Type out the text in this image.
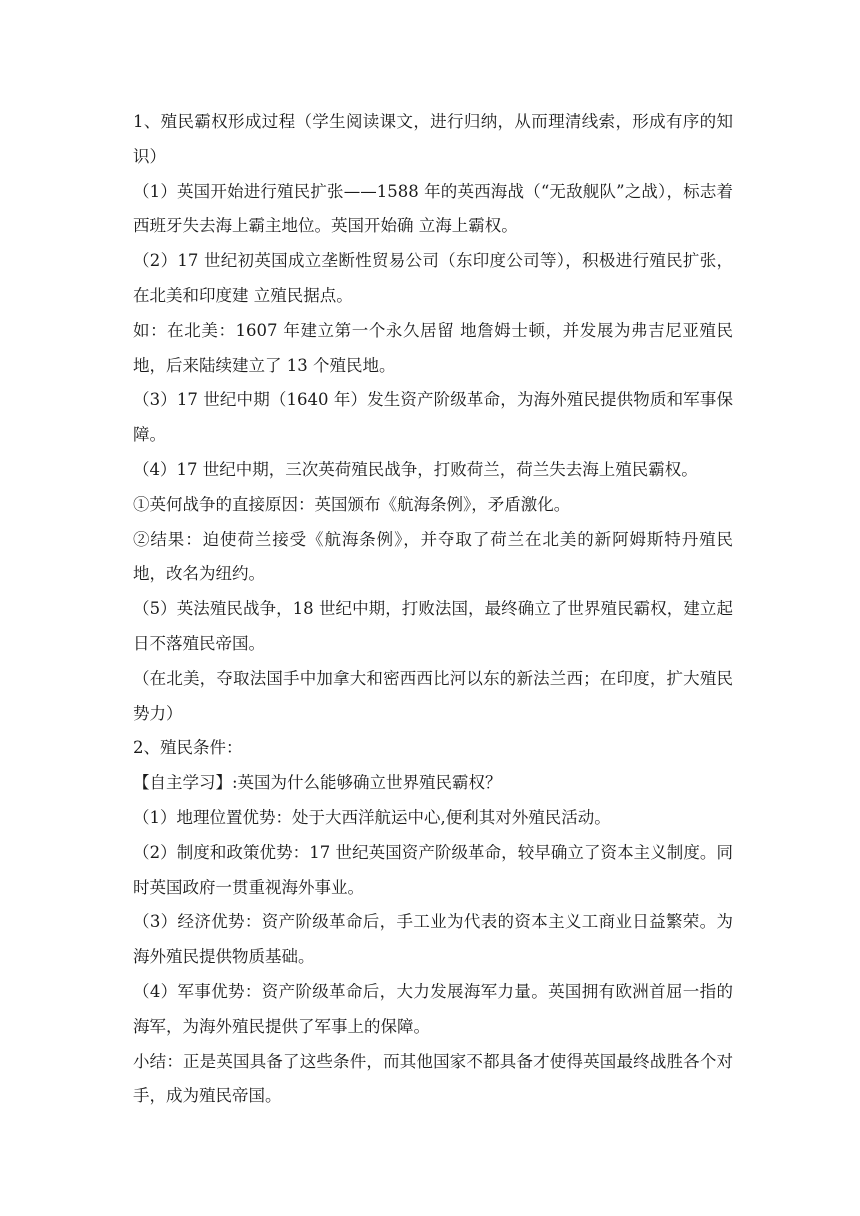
1、殖民霸权形成过程（学生阅读课文，进行归纳，从而理清线索，形成有序的知识）

（1）英国开始进行殖民扩张——1588 年的英西海战（“无敌舰队”之战），标志着西班牙失去海上霸主地位。英国开始确 立海上霸权。

（2）17 世纪初英国成立垄断性贸易公司（东印度公司等），积极进行殖民扩张，在北美和印度建 立殖民据点。

如：在北美：1607 年建立第一个永久居留 地詹姆士顿，并发展为弗吉尼亚殖民地，后来陆续建立了 13 个殖民地。

（3）17 世纪中期（1640 年）发生资产阶级革命，为海外殖民提供物质和军事保障。

（4）17 世纪中期，三次英荷殖民战争，打败荷兰，荷兰失去海上殖民霸权。

①英何战争的直接原因：英国颁布《航海条例》，矛盾激化。

②结果：迫使荷兰接受《航海条例》，并夺取了荷兰在北美的新阿姆斯特丹殖民地，改名为纽约。

（5）英法殖民战争，18 世纪中期，打败法国，最终确立了世界殖民霸权，建立起日不落殖民帝国。

（在北美，夺取法国手中加拿大和密西西比河以东的新法兰西；在印度，扩大殖民势力）

2、殖民条件：

【自主学习】:英国为什么能够确立世界殖民霸权？

（1）地理位置优势：处于大西洋航运中心,便利其对外殖民活动。

（2）制度和政策优势：17 世纪英国资产阶级革命，较早确立了资本主义制度。同时英国政府一贯重视海外事业。

（3）经济优势：资产阶级革命后，手工业为代表的资本主义工商业日益繁荣。为海外殖民提供物质基础。

（4）军事优势：资产阶级革命后，大力发展海军力量。英国拥有欧洲首屈一指的海军，为海外殖民提供了军事上的保障。

小结：正是英国具备了这些条件，而其他国家不都具备才使得英国最终战胜各个对手，成为殖民帝国。
